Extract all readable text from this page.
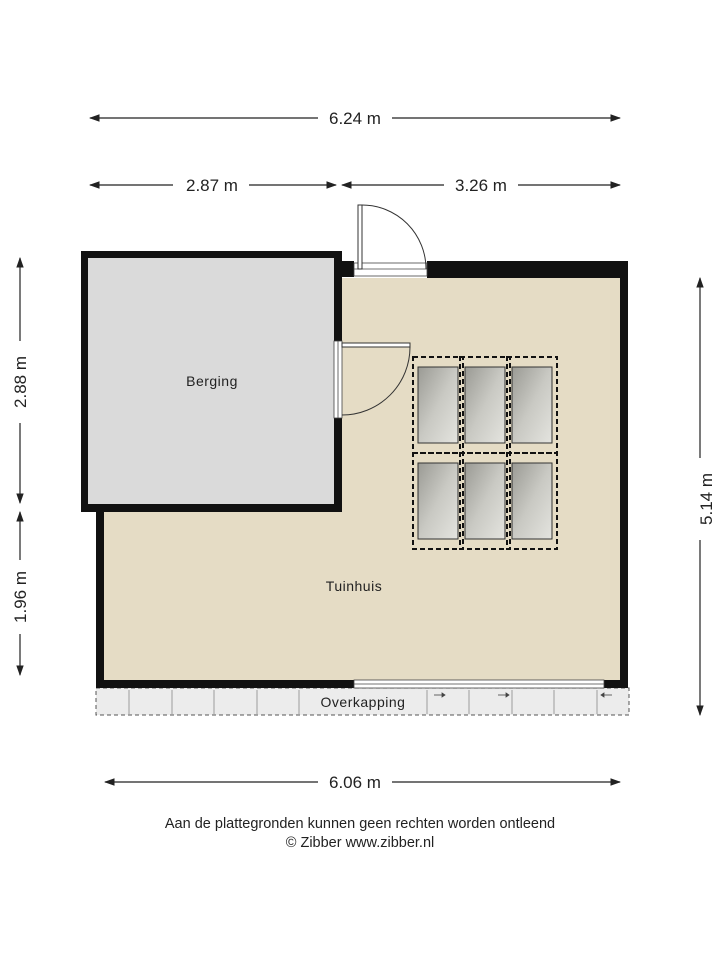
6.24 m
2.87 m	3.26 m
2.88 m
1.96 m
5.14 m
6.06 m
Overkapping
Berging
Tuinhuis
Aan de plattegronden kunnen geen rechten worden ontleend
© Zibber www.zibber.nl
